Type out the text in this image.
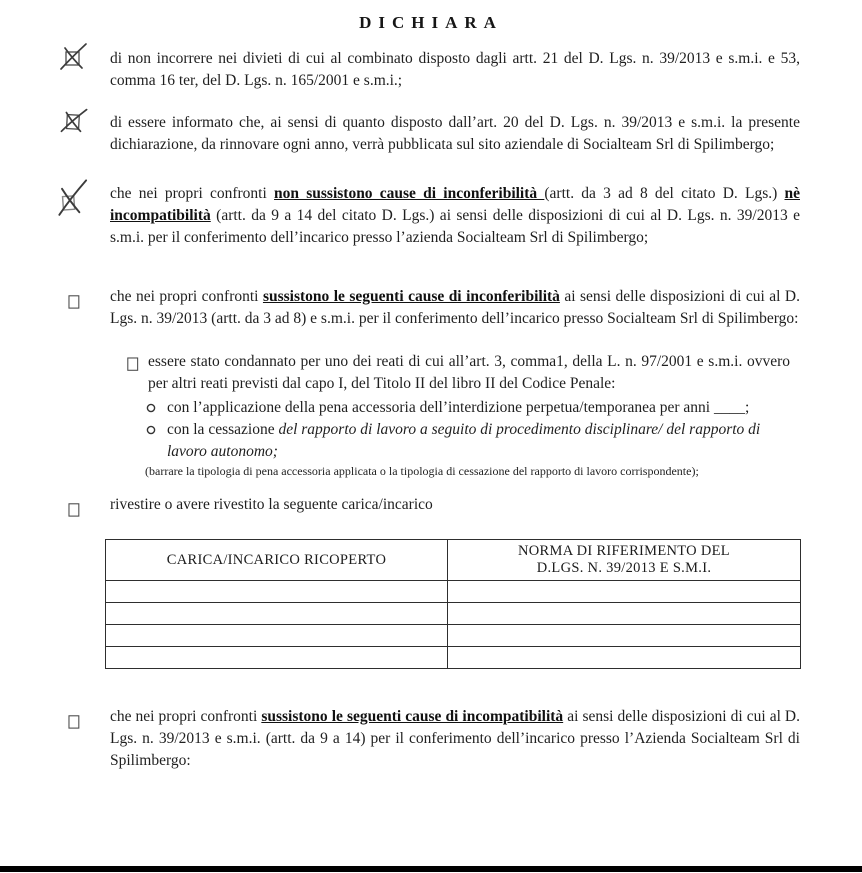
DICHIARA

di non incorrere nei divieti di cui al combinato disposto dagli artt. 21 del D. Lgs. n. 39/2013 e s.m.i. e 53, comma 16 ter, del D. Lgs. n. 165/2001 e s.m.i.;

di essere informato che, ai sensi di quanto disposto dall’art. 20 del D. Lgs. n. 39/2013 e s.m.i. la presente dichiarazione, da rinnovare ogni anno, verrà pubblicata sul sito aziendale di Socialteam Srl di Spilimbergo;

che nei propri confronti non sussistono cause di inconferibilità (artt. da 3 ad 8 del citato D. Lgs.) nè incompatibilità (artt. da 9 a 14 del citato D. Lgs.) ai sensi delle disposizioni di cui al D. Lgs. n. 39/2013 e s.m.i. per il conferimento dell’incarico presso l’azienda Socialteam Srl di Spilimbergo;

che nei propri confronti sussistono le seguenti cause di inconferibilità ai sensi delle disposizioni di cui al D. Lgs. n. 39/2013 (artt. da 3 ad 8) e s.m.i. per il conferimento dell’incarico presso Socialteam Srl di Spilimbergo:

essere stato condannato per uno dei reati di cui all’art. 3, comma1, della L. n. 97/2001 e s.m.i. ovvero per altri reati previsti dal capo I, del Titolo II del libro II del Codice Penale:

con l’applicazione della pena accessoria dell’interdizione perpetua/temporanea per anni ____;

con la cessazione del rapporto di lavoro a seguito di procedimento disciplinare/ del rapporto di lavoro autonomo;

(barrare la tipologia di pena accessoria applicata o la tipologia di cessazione del rapporto di lavoro corrispondente);

rivestire o avere rivestito la seguente carica/incarico

CARICA/INCARICO RICOPERTO	NORMA DI RIFERIMENTO DEL
D.LGS. N. 39/2013 E S.M.I.

che nei propri confronti sussistono le seguenti cause di incompatibilità ai sensi delle disposizioni di cui al D. Lgs. n. 39/2013 e s.m.i. (artt. da 9 a 14) per il conferimento dell’incarico presso l’Azienda Socialteam Srl di Spilimbergo:
